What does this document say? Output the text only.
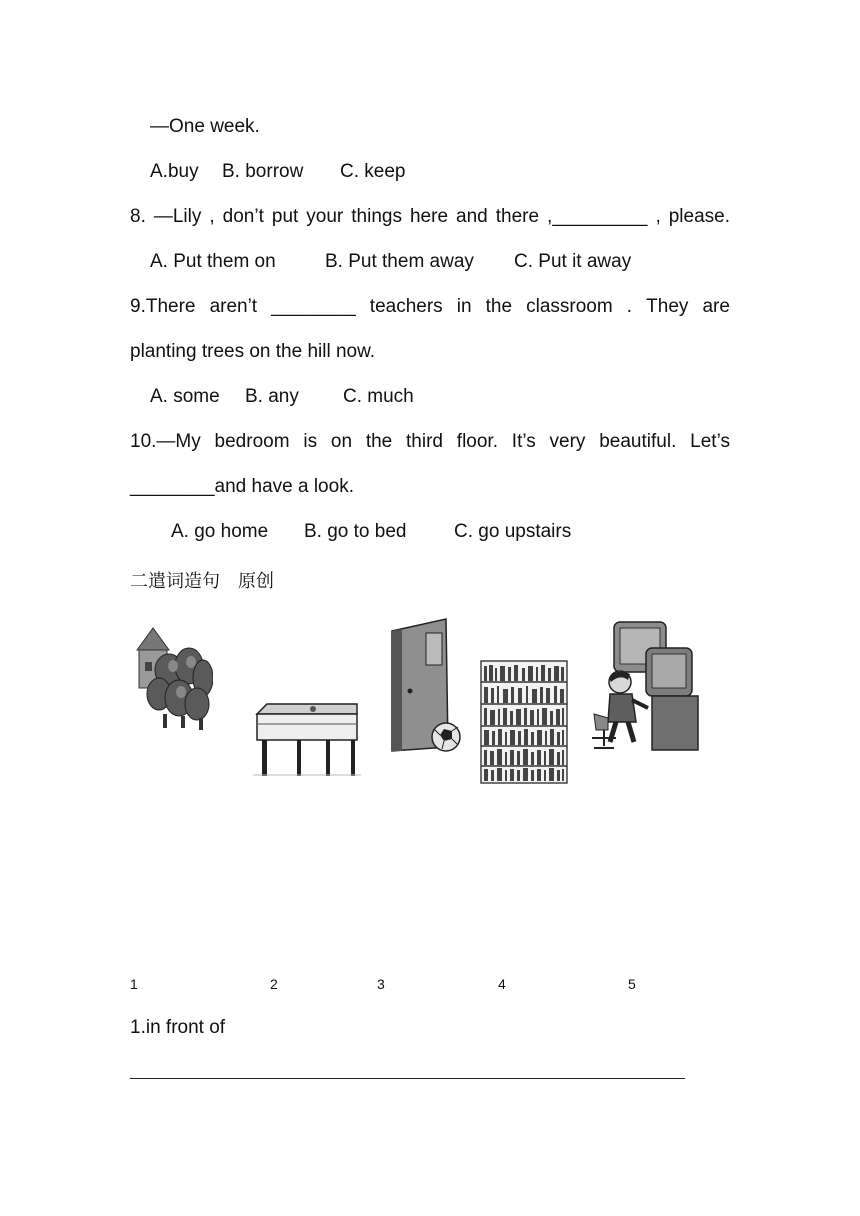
—One week.
A.buy B. borrow C. keep
8. —Lily , don’t put your things here and there ,_________ , please.
A. Put them on	B. Put them away C. Put it away
9.There aren’t ________ teachers in the classroom . They are
planting trees on the hill now.
A. some B. any C. much
10.—My bedroom is on the third floor. It’s very beautiful. Let’s
________and have a look.
A. go home B. go to bed	C. go upstairs
二遣词造句　原创
1	2	3	4	5
1.in front of
